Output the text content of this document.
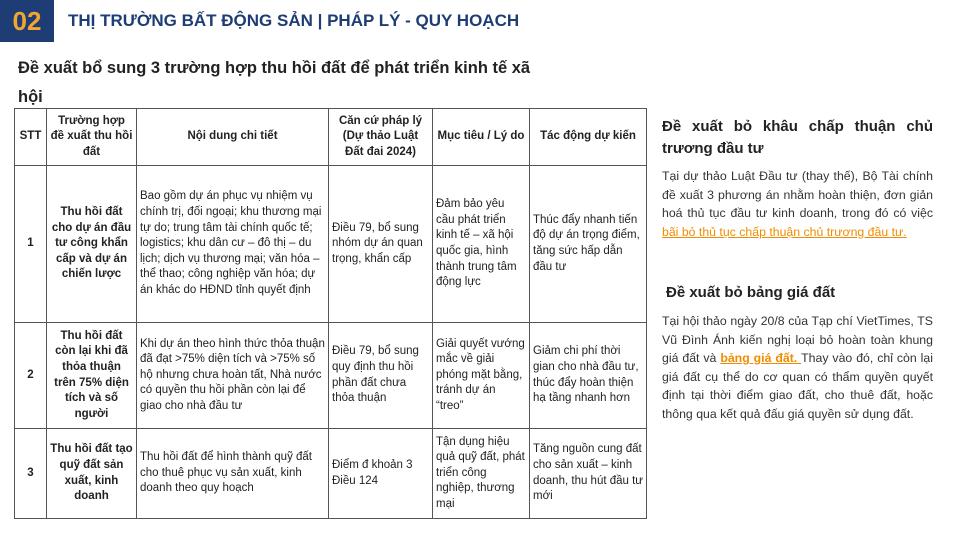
02	THỊ TRƯỜNG BẤT ĐỘNG SẢN | PHÁP LÝ - QUY HOẠCH
Đề xuất bổ sung 3 trường hợp thu hồi đất để phát triển kinh tế xã hội
STT	Trường hợp đề xuất thu hồi đất	Nội dung chi tiết	Căn cứ pháp lý (Dự thảo Luật Đất đai 2024)	Mục tiêu / Lý do	Tác động dự kiến
1	Thu hồi đất cho dự án đầu tư công khẩn cấp và dự án chiến lược	Bao gồm dự án phục vụ nhiệm vụ chính trị, đối ngoại; khu thương mại tự do; trung tâm tài chính quốc tế; logistics; khu dân cư – đô thị – du lịch; dịch vụ thương mại; văn hóa – thể thao; công nghiệp văn hóa; dự án khác do HĐND tỉnh quyết định	Điều 79, bổ sung nhóm dự án quan trọng, khẩn cấp	Đảm bảo yêu cầu phát triển kinh tế – xã hội quốc gia, hình thành trung tâm động lực	Thúc đẩy nhanh tiến độ dự án trọng điểm, tăng sức hấp dẫn đầu tư
2	Thu hồi đất còn lại khi đã thỏa thuận trên 75% diện tích và số người	Khi dự án theo hình thức thỏa thuận đã đạt >75% diện tích và >75% số hộ nhưng chưa hoàn tất, Nhà nước có quyền thu hồi phần còn lại để giao cho nhà đầu tư	Điều 79, bổ sung quy định thu hồi phần đất chưa thỏa thuận	Giải quyết vướng mắc về giải phóng mặt bằng, tránh dự án “treo”	Giảm chi phí thời gian cho nhà đầu tư, thúc đẩy hoàn thiện hạ tầng nhanh hơn
3	Thu hồi đất tạo quỹ đất sản xuất, kinh doanh	Thu hồi đất để hình thành quỹ đất cho thuê phục vụ sản xuất, kinh doanh theo quy hoạch	Điểm đ khoản 3 Điều 124	Tận dụng hiệu quả quỹ đất, phát triển công nghiệp, thương mại	Tăng nguồn cung đất cho sản xuất – kinh doanh, thu hút đầu tư mới
Đề xuất bỏ khâu chấp thuận chủ trương đầu tư

Tại dự thảo Luật Đầu tư (thay thế), Bộ Tài chính đề xuất 3 phương án nhằm hoàn thiện, đơn giản hoá thủ tục đầu tư kinh doanh, trong đó có việc bãi bỏ thủ tục chấp thuận chủ trương đầu tư.

Đề xuất bỏ bảng giá đất

Tại hội thảo ngày 20/8 của Tạp chí VietTimes, TS Vũ Đình Ánh kiến nghị loại bỏ hoàn toàn khung giá đất và bảng giá đất. Thay vào đó, chỉ còn lại giá đất cụ thể do cơ quan có thẩm quyền quyết định tại thời điểm giao đất, cho thuê đất, hoặc thông qua kết quả đấu giá quyền sử dụng đất.
